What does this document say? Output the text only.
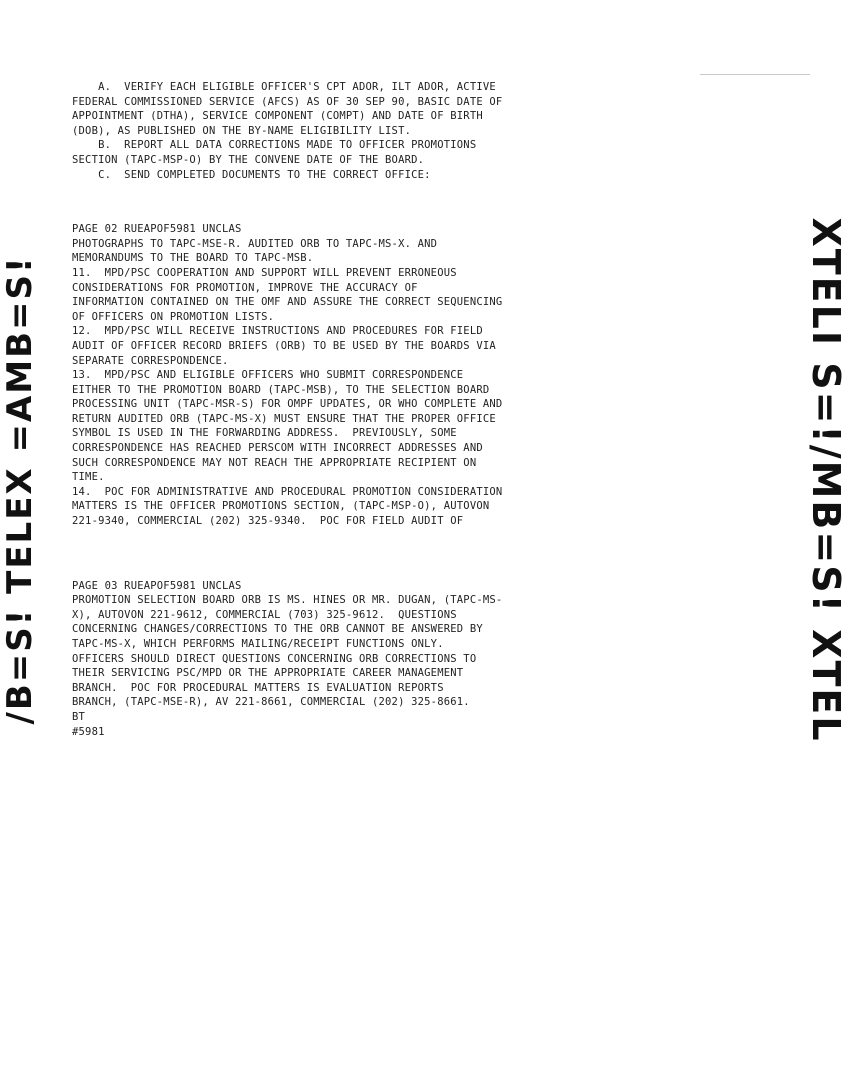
/B=S! TELEX =AMB=S!	XTELI S=!/MB=S! XTEL
A.  VERIFY EACH ELIGIBLE OFFICER'S CPT ADOR, ILT ADOR, ACTIVE
FEDERAL COMMISSIONED SERVICE (AFCS) AS OF 30 SEP 90, BASIC DATE OF
APPOINTMENT (DTHA), SERVICE COMPONENT (COMPT) AND DATE OF BIRTH
(DOB), AS PUBLISHED ON THE BY-NAME ELIGIBILITY LIST.
B.  REPORT ALL DATA CORRECTIONS MADE TO OFFICER PROMOTIONS
SECTION (TAPC-MSP-O) BY THE CONVENE DATE OF THE BOARD.
C.  SEND COMPLETED DOCUMENTS TO THE CORRECT OFFICE:
PAGE 02 RUEAPOF5981 UNCLAS
PHOTOGRAPHS TO TAPC-MSE-R. AUDITED ORB TO TAPC-MS-X. AND
MEMORANDUMS TO THE BOARD TO TAPC-MSB.
11.  MPD/PSC COOPERATION AND SUPPORT WILL PREVENT ERRONEOUS
CONSIDERATIONS FOR PROMOTION, IMPROVE THE ACCURACY OF
INFORMATION CONTAINED ON THE OMF AND ASSURE THE CORRECT SEQUENCING
OF OFFICERS ON PROMOTION LISTS.
12.  MPD/PSC WILL RECEIVE INSTRUCTIONS AND PROCEDURES FOR FIELD
AUDIT OF OFFICER RECORD BRIEFS (ORB) TO BE USED BY THE BOARDS VIA
SEPARATE CORRESPONDENCE.
13.  MPD/PSC AND ELIGIBLE OFFICERS WHO SUBMIT CORRESPONDENCE
EITHER TO THE PROMOTION BOARD (TAPC-MSB), TO THE SELECTION BOARD
PROCESSING UNIT (TAPC-MSR-S) FOR OMPF UPDATES, OR WHO COMPLETE AND
RETURN AUDITED ORB (TAPC-MS-X) MUST ENSURE THAT THE PROPER OFFICE
SYMBOL IS USED IN THE FORWARDING ADDRESS.  PREVIOUSLY, SOME
CORRESPONDENCE HAS REACHED PERSCOM WITH INCORRECT ADDRESSES AND
SUCH CORRESPONDENCE MAY NOT REACH THE APPROPRIATE RECIPIENT ON
TIME.
14.  POC FOR ADMINISTRATIVE AND PROCEDURAL PROMOTION CONSIDERATION
MATTERS IS THE OFFICER PROMOTIONS SECTION, (TAPC-MSP-O), AUTOVON
221-9340, COMMERCIAL (202) 325-9340.  POC FOR FIELD AUDIT OF
PAGE 03 RUEAPOF5981 UNCLAS
PROMOTION SELECTION BOARD ORB IS MS. HINES OR MR. DUGAN, (TAPC-MS-
X), AUTOVON 221-9612, COMMERCIAL (703) 325-9612.  QUESTIONS
CONCERNING CHANGES/CORRECTIONS TO THE ORB CANNOT BE ANSWERED BY
TAPC-MS-X, WHICH PERFORMS MAILING/RECEIPT FUNCTIONS ONLY.
OFFICERS SHOULD DIRECT QUESTIONS CONCERNING ORB CORRECTIONS TO
THEIR SERVICING PSC/MPD OR THE APPROPRIATE CAREER MANAGEMENT
BRANCH.  POC FOR PROCEDURAL MATTERS IS EVALUATION REPORTS
BRANCH, (TAPC-MSE-R), AV 221-8661, COMMERCIAL (202) 325-8661.
BT
#5981
